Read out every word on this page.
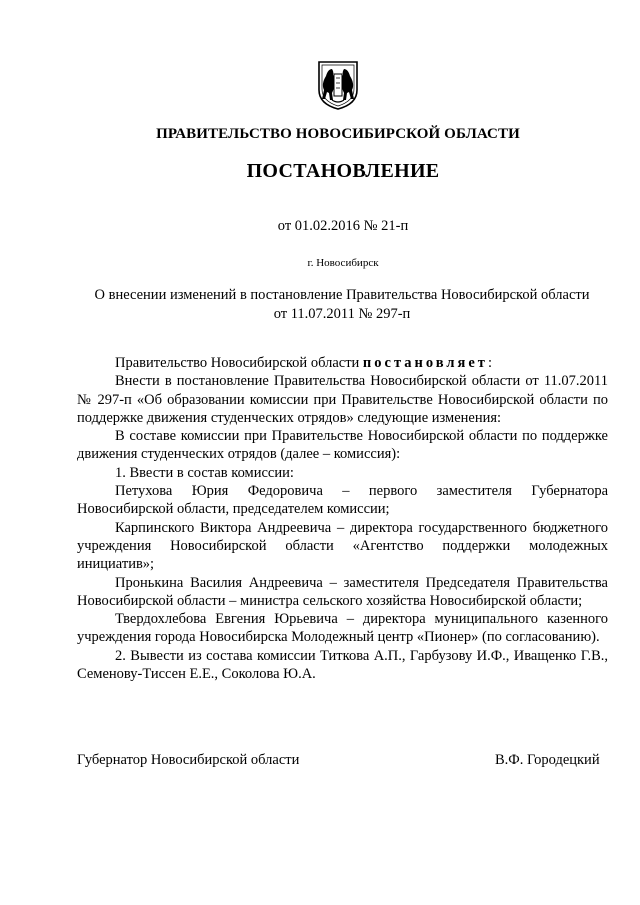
ПРАВИТЕЛЬСТВО НОВОСИБИРСКОЙ ОБЛАСТИ
ПОСТАНОВЛЕНИЕ
от 01.02.2016 № 21-п
г. Новосибирск
О внесении изменений в постановление Правительства Новосибирской области
от 11.07.2011 № 297-п

Правительство Новосибирской области постановляет:

Внести в постановление Правительства Новосибирской области от 11.07.2011 № 297-п «Об образовании комиссии при Правительстве Новосибирской области по поддержке движения студенческих отрядов» следующие изменения:

В составе комиссии при Правительстве Новосибирской области по поддержке движения студенческих отрядов (далее – комиссия):

1. Ввести в состав комиссии:

Петухова Юрия Федоровича – первого заместителя Губернатора Новосибирской области, председателем комиссии;

Карпинского Виктора Андреевича – директора государственного бюджетного учреждения Новосибирской области «Агентство поддержки молодежных инициатив»;

Пронькина Василия Андреевича – заместителя Председателя Правительства Новосибирской области – министра сельского хозяйства Новосибирской области;

Твердохлебова Евгения Юрьевича – директора муниципального казенного учреждения города Новосибирска Молодежный центр «Пионер» (по согласованию).

2. Вывести из состава комиссии Титкова А.П., Гарбузову И.Ф., Иващенко Г.В., Семенову-Тиссен Е.Е., Соколова Ю.А.

Губернатор Новосибирской области	В.Ф. Городецкий
